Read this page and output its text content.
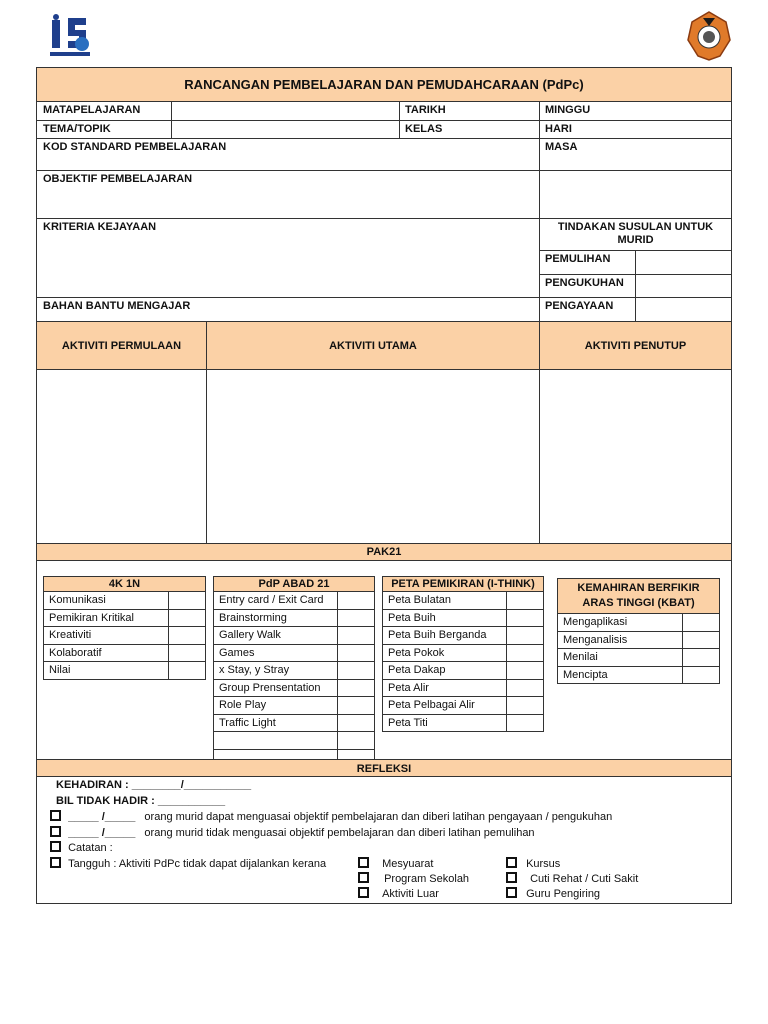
RANCANGAN PEMBELAJARAN DAN PEMUDAHCARAAN (PdPc)
MATAPELAJARAN	TARIKH	MINGGU
TEMA/TOPIK	KELAS	HARI
KOD STANDARD PEMBELAJARAN	MASA
OBJEKTIF PEMBELAJARAN
KRITERIA KEJAYAAN	TINDAKAN SUSULAN UNTUK MURID
PEMULIHAN
PENGUKUHAN
BAHAN BANTU MENGAJAR	PENGAYAAN
AKTIVITI PERMULAAN	AKTIVITI UTAMA	AKTIVITI PENUTUP
PAK21
4K 1N
Komunikasi
Pemikiran Kritikal
Kreativiti
Kolaboratif
Nilai
PdP ABAD 21
Entry card / Exit Card
Brainstorming
Gallery Walk
Games
x Stay, y Stray
Group Prensentation
Role Play
Traffic Light
PETA PEMIKIRAN (I-THINK)
Peta Bulatan
Peta Buih
Peta Buih Berganda
Peta Pokok
Peta Dakap
Peta Alir
Peta Pelbagai Alir
Peta Titi
KEMAHIRAN BERFIKIR ARAS TINGGI (KBAT)
Mengaplikasi
Menganalisis
Menilai
Mencipta
REFLEKSI
KEHADIRAN : ________/___________
BIL TIDAK HADIR : ___________
_____ /_____ orang murid dapat menguasai objektif pembelajaran dan diberi latihan pengayaan / pengukuhan
_____ /_____ orang murid tidak menguasai objektif pembelajaran dan diberi latihan pemulihan
Catatan :
Tangguh : Aktiviti PdPc tidak dapat dijalankan kerana	Mesyuarat
Program Sekolah
Aktiviti Luar
Kursus
Cuti Rehat / Cuti Sakit
Guru Pengiring
